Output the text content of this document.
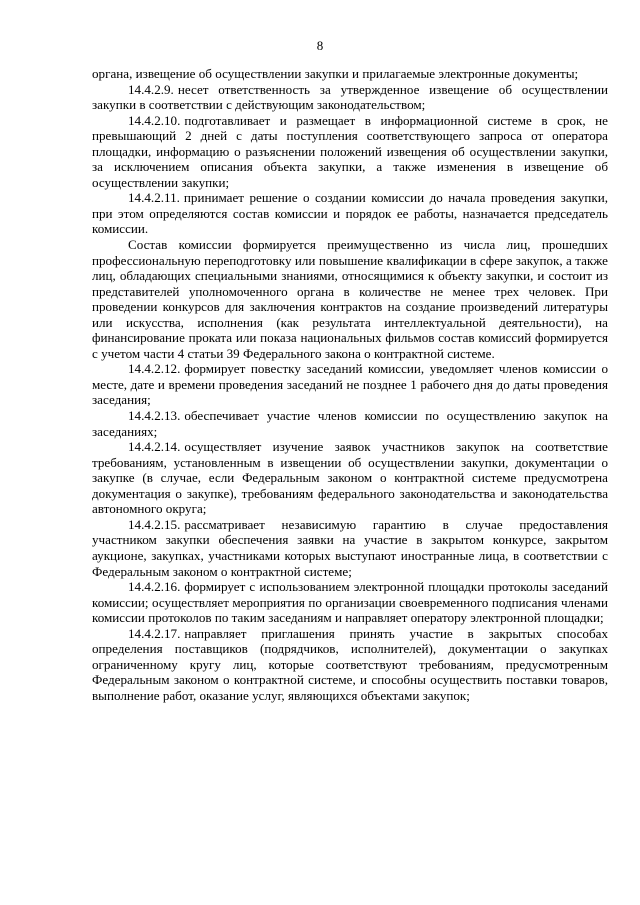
8

органа, извещение об осуществлении закупки и прилагаемые электронные документы;

14.4.2.9. несет ответственность за утвержденное извещение об осуществлении закупки в соответствии с действующим законодательством;

14.4.2.10. подготавливает и размещает в информационной системе в срок, не превышающий 2 дней с даты поступления соответствующего запроса от оператора площадки, информацию о разъяснении положений извещения об осуществлении закупки, за исключением описания объекта закупки, а также изменения в извещение об осуществлении закупки;

14.4.2.11. принимает решение о создании комиссии до начала проведения закупки, при этом определяются состав комиссии и порядок ее работы, назначается председатель комиссии.

Состав комиссии формируется преимущественно из числа лиц, прошедших профессиональную переподготовку или повышение квалификации в сфере закупок, а также лиц, обладающих специальными знаниями, относящимися к объекту закупки, и состоит из представителей уполномоченного органа в количестве не менее трех человек. При проведении конкурсов для заключения контрактов на создание произведений литературы или искусства, исполнения (как результата интеллектуальной деятельности), на финансирование проката или показа национальных фильмов состав комиссий формируется с учетом части 4 статьи 39 Федерального закона о контрактной системе.

14.4.2.12. формирует повестку заседаний комиссии, уведомляет членов комиссии о месте, дате и времени проведения заседаний не позднее 1 рабочего дня до даты проведения заседания;

14.4.2.13. обеспечивает участие членов комиссии по осуществлению закупок на заседаниях;

14.4.2.14. осуществляет изучение заявок участников закупок на соответствие требованиям, установленным в извещении об осуществлении закупки, документации о закупке (в случае, если Федеральным законом о контрактной системе предусмотрена документация о закупке), требованиям федерального законодательства и законодательства автономного округа;

14.4.2.15. рассматривает независимую гарантию в случае предоставления участником закупки обеспечения заявки на участие в закрытом конкурсе, закрытом аукционе, закупках, участниками которых выступают иностранные лица, в соответствии с Федеральным законом о контрактной системе;

14.4.2.16. формирует с использованием электронной площадки протоколы заседаний комиссии; осуществляет мероприятия по организации своевременного подписания членами комиссии протоколов по таким заседаниям и направляет оператору электронной площадки;

14.4.2.17. направляет приглашения принять участие в закрытых способах определения поставщиков (подрядчиков, исполнителей), документации о закупках ограниченному кругу лиц, которые соответствуют требованиям, предусмотренным Федеральным законом о контрактной системе, и способны осуществить поставки товаров, выполнение работ, оказание услуг, являющихся объектами закупок;
